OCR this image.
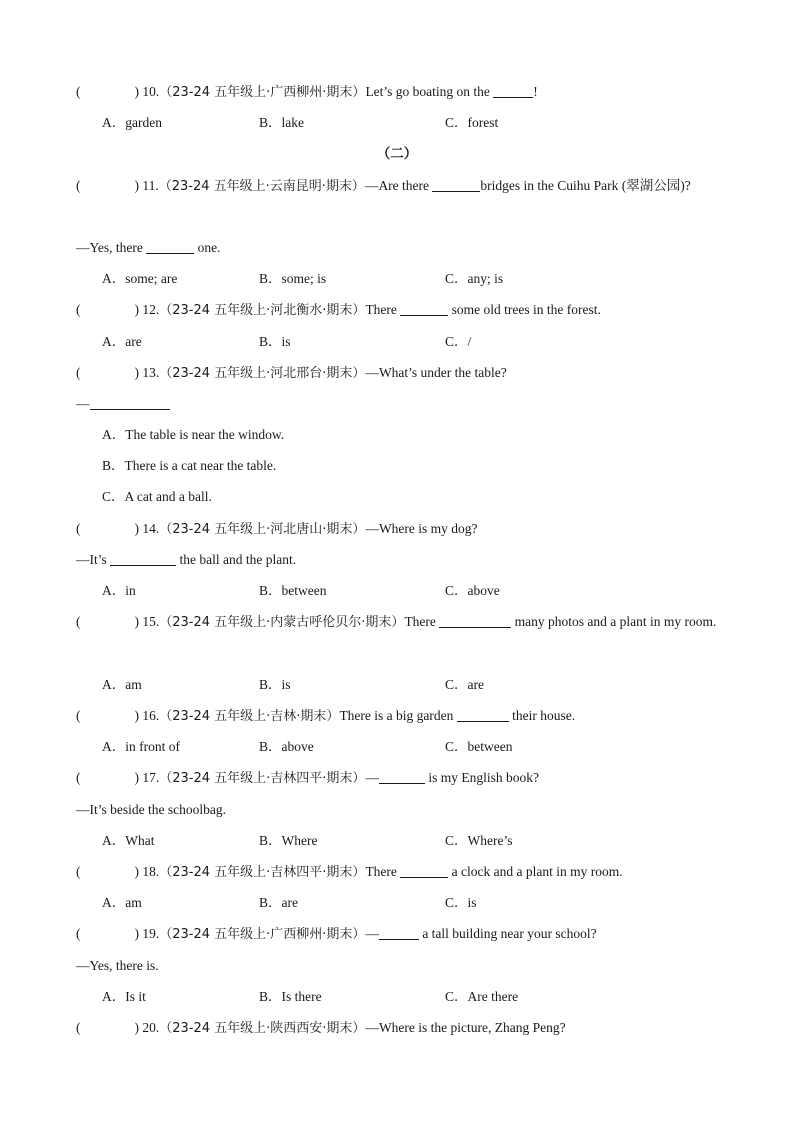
(	) 10.（23-24 五年级上·广西柳州·期末）Let’s go boating on the	!
A．garden	B．lake	C．forest
（二）
(	) 11.（23-24 五年级上·云南昆明·期末）—Are there	bridges in the Cuihu Park (翠湖公园)?
—Yes, there	one.
A．some; are	B．some; is	C．any; is
(	) 12.（23-24 五年级上·河北衡水·期末）There	some old trees in the forest.
A．are	B．is	C．/
(	) 13.（23-24 五年级上·河北邢台·期末）—What’s under the table?
—
A．The table is near the window.
B．There is a cat near the table.
C．A cat and a ball.
(	) 14.（23-24 五年级上·河北唐山·期末）—Where is my dog?
—It’s	the ball and the plant.
A．in	B．between	C．above
(	) 15.（23-24 五年级上·内蒙古呼伦贝尔·期末）There	many photos and a plant in my room.
A．am	B．is	C．are
(	) 16.（23-24 五年级上·吉林·期末）There is a big garden	their house.
A．in front of	B．above	C．between
(	) 17.（23-24 五年级上·吉林四平·期末）—	is my English book?
—It’s beside the schoolbag.
A．What	B．Where	C．Where’s
(	) 18.（23-24 五年级上·吉林四平·期末）There	a clock and a plant in my room.
A．am	B．are	C．is
(	) 19.（23-24 五年级上·广西柳州·期末）—	a tall building near your school?
—Yes, there is.
A．Is it	B．Is there	C．Are there
(	) 20.（23-24 五年级上·陕西西安·期末）—Where is the picture, Zhang Peng?
